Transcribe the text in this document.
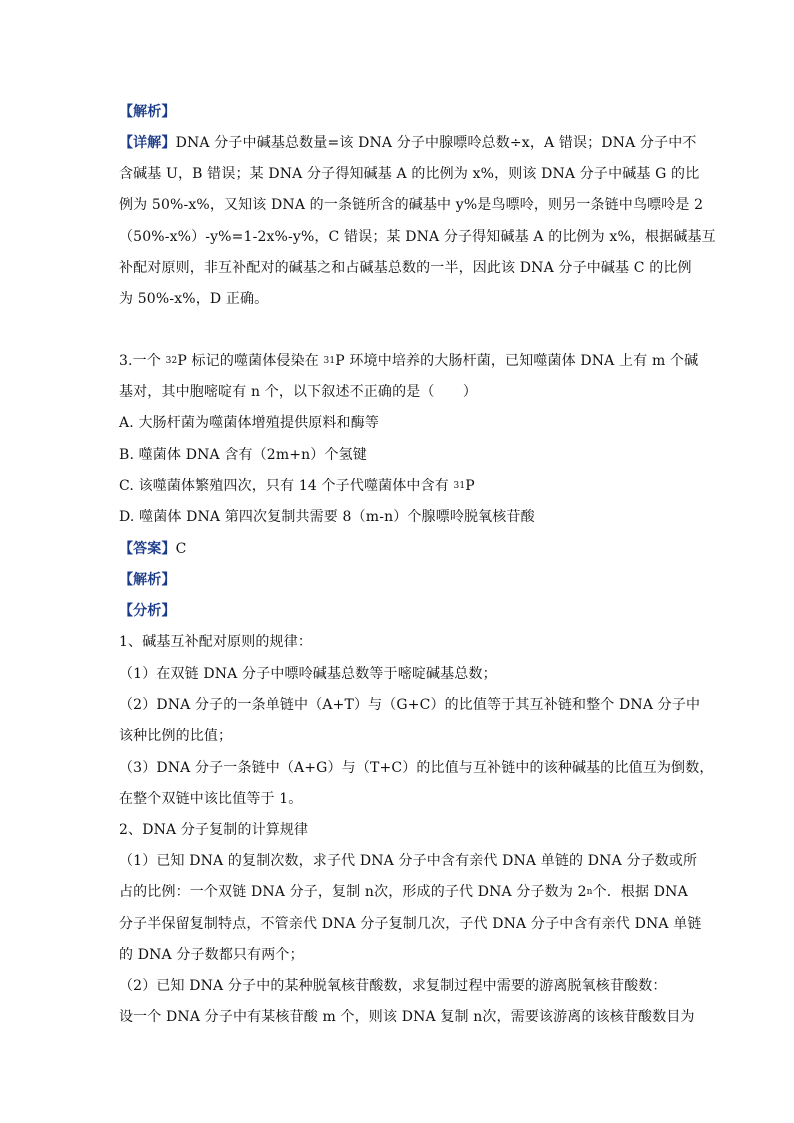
【解析】
【详解】DNA 分子中碱基总数量=该 DNA 分子中腺嘌呤总数÷x，A 错误；DNA 分子中不
含碱基 U，B 错误；某 DNA 分子得知碱基 A 的比例为 x%，则该 DNA 分子中碱基 G 的比
例为 50%-x%，又知该 DNA 的一条链所含的碱基中 y%是鸟嘌呤，则另一条链中鸟嘌呤是 2
（50%-x%）-y%=1-2x%-y%，C 错误；某 DNA 分子得知碱基 A 的比例为 x%，根据碱基互
补配对原则，非互补配对的碱基之和占碱基总数的一半，因此该 DNA 分子中碱基 C 的比例
为 50%-x%，D 正确。
3.一个 $^{32}$P 标记的噬菌体侵染在 $^{31}$P 环境中培养的大肠杆菌，已知噬菌体 DNA 上有 m 个碱
基对，其中胞嘧啶有 n 个，以下叙述不正确的是（　　）
A. 大肠杆菌为噬菌体增殖提供原料和酶等
B. 噬菌体 DNA 含有（2m+n）个氢键
C. 该噬菌体繁殖四次，只有 14 个子代噬菌体中含有 $^{31}$P
D. 噬菌体 DNA 第四次复制共需要 8（m-n）个腺嘌呤脱氧核苷酸
【答案】C
【解析】
【分析】
1、碱基互补配对原则的规律：
（1）在双链 DNA 分子中嘌呤碱基总数等于嘧啶碱基总数；
（2）DNA 分子的一条单链中（A+T）与（G+C）的比值等于其互补链和整个 DNA 分子中
该种比例的比值；
（3）DNA 分子一条链中（A+G）与（T+C）的比值与互补链中的该种碱基的比值互为倒数，
在整个双链中该比值等于 1。
2、DNA 分子复制的计算规律
（1）已知 DNA 的复制次数，求子代 DNA 分子中含有亲代 DNA 单链的 DNA 分子数或所
占的比例：一个双链 DNA 分子，复制 n次，形成的子代 DNA 分子数为 2$^n$个．根据 DNA
分子半保留复制特点，不管亲代 DNA 分子复制几次，子代 DNA 分子中含有亲代 DNA 单链
的 DNA 分子数都只有两个；
（2）已知 DNA 分子中的某种脱氧核苷酸数，求复制过程中需要的游离脱氧核苷酸数：
设一个 DNA 分子中有某核苷酸 m 个，则该 DNA 复制 n次，需要该游离的该核苷酸数目为
